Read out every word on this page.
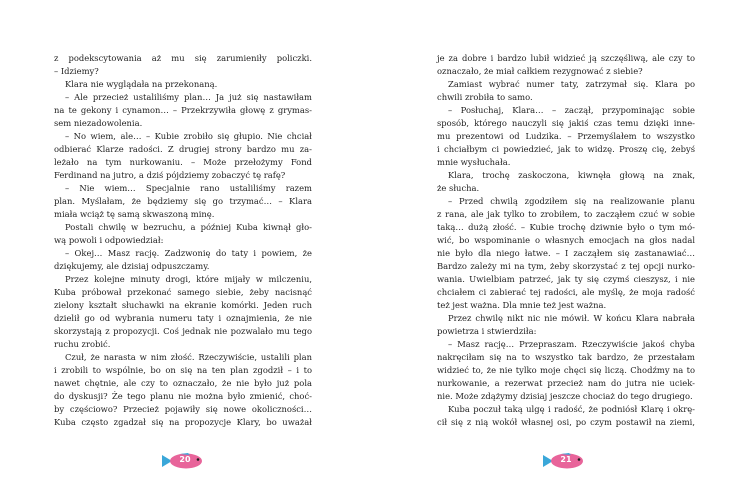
z podekscytowania aż mu się zarumieniły policzki.
– Idziemy?
Klara nie wyglądała na przekonaną.
– Ale przecież ustaliliśmy plan… Ja już się nastawiłam
na te gekony i cynamon… – Przekrzywiła głowę z grymas-
sem niezadowolenia.
– No wiem, ale… – Kubie zrobiło się głupio. Nie chciał
odbierać Klarze radości. Z drugiej strony bardzo mu za-
leżało na tym nurkowaniu. – Może przełożymy Fond
Ferdinand na jutro, a dziś pójdziemy zobaczyć tę rafę?
– Nie wiem… Specjalnie rano ustaliliśmy razem
plan. Myślałam, że będziemy się go trzymać… – Klara
miała wciąż tę samą skwaszoną minę.
Postali chwilę w bezruchu, a później Kuba kiwnął gło-
wą powoli i odpowiedział:
– Okej… Masz rację. Zadzwonię do taty i powiem, że
dziękujemy, ale dzisiaj odpuszczamy.
Przez kolejne minuty drogi, które mijały w milczeniu,
Kuba próbował przekonać samego siebie, żeby nacisnąć
zielony kształt słuchawki na ekranie komórki. Jeden ruch
dzielił go od wybrania numeru taty i oznajmienia, że nie
skorzystają z propozycji. Coś jednak nie pozwalało mu tego
ruchu zrobić.
Czuł, że narasta w nim złość. Rzeczywiście, ustalili plan
i zrobili to wspólnie, bo on się na ten plan zgodził – i to
nawet chętnie, ale czy to oznaczało, że nie było już pola
do dyskusji? Że tego planu nie można było zmienić, choć-
by częściowo? Przecież pojawiły się nowe okoliczności…
Kuba często zgadzał się na propozycje Klary, bo uważał
je za dobre i bardzo lubił widzieć ją szczęśliwą, ale czy to
oznaczało, że miał całkiem rezygnować z siebie?
Zamiast wybrać numer taty, zatrzymał się. Klara po
chwili zrobiła to samo.
– Posłuchaj, Klara… – zaczął, przypominając sobie
sposób, którego nauczyli się jakiś czas temu dzięki inne-
mu prezentowi od Ludzika. – Przemyślałem to wszystko
i chciałbym ci powiedzieć, jak to widzę. Proszę cię, żebyś
mnie wysłuchała.
Klara, trochę zaskoczona, kiwnęła głową na znak,
że słucha.
– Przed chwilą zgodziłem się na realizowanie planu
z rana, ale jak tylko to zrobiłem, to zacząłem czuć w sobie
taką… dużą złość. – Kubie trochę dziwnie było o tym mó-
wić, bo wspominanie o własnych emocjach na głos nadal
nie było dla niego łatwe. – I zacząłem się zastanawiać…
Bardzo zależy mi na tym, żeby skorzystać z tej opcji nurko-
wania. Uwielbiam patrzeć, jak ty się czymś cieszysz, i nie
chciałem ci zabierać tej radości, ale myślę, że moja radość
też jest ważna. Dla mnie też jest ważna.
Przez chwilę nikt nic nie mówił. W końcu Klara nabrała
powietrza i stwierdziła:
– Masz rację… Przepraszam. Rzeczywiście jakoś chyba
nakręciłam się na to wszystko tak bardzo, że przestałam
widzieć to, że nie tylko moje chęci się liczą. Chodźmy na to
nurkowanie, a rezerwat przecież nam do jutra nie uciek-
nie. Może zdążymy dzisiaj jeszcze chociaż do tego drugiego.
Kuba poczuł taką ulgę i radość, że podniósł Klarę i okrę-
cił się z nią wokół własnej osi, po czym postawił na ziemi,
20	21
